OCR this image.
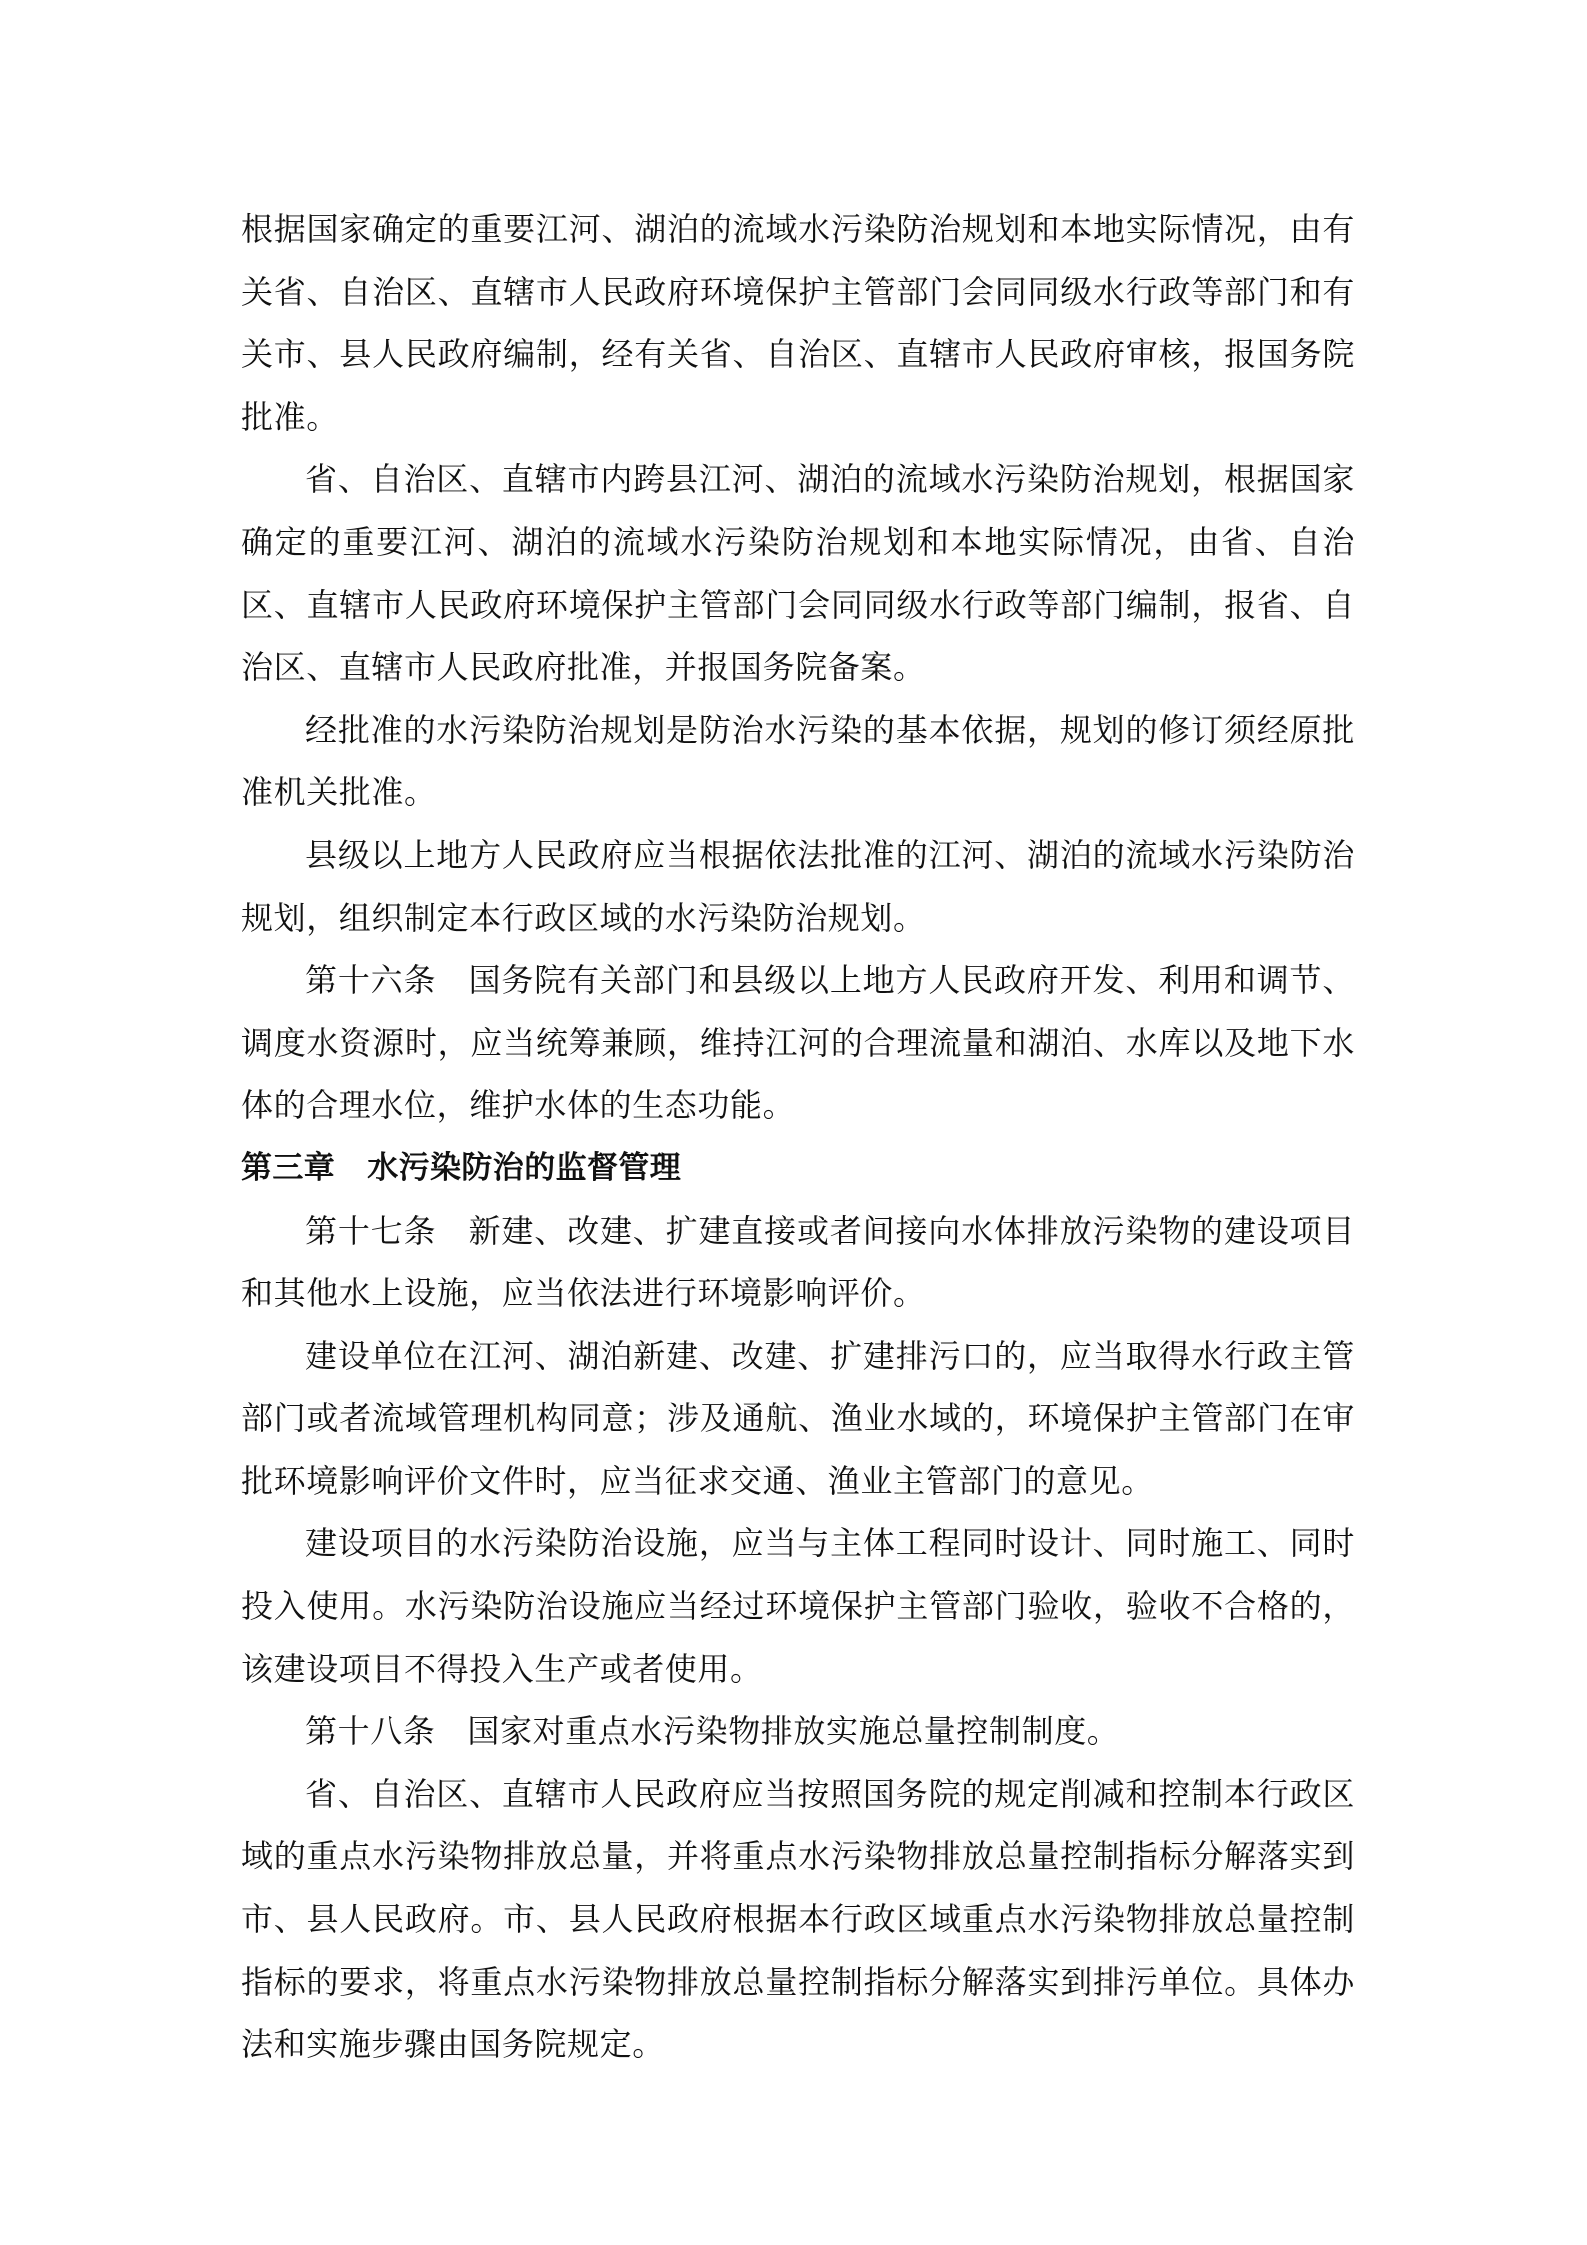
根据国家确定的重要江河、湖泊的流域水污染防治规划和本地实际情况，由有关省、自治区、直辖市人民政府环境保护主管部门会同同级水行政等部门和有关市、县人民政府编制，经有关省、自治区、直辖市人民政府审核，报国务院批准。

省、自治区、直辖市内跨县江河、湖泊的流域水污染防治规划，根据国家确定的重要江河、湖泊的流域水污染防治规划和本地实际情况，由省、自治区、直辖市人民政府环境保护主管部门会同同级水行政等部门编制，报省、自治区、直辖市人民政府批准，并报国务院备案。

经批准的水污染防治规划是防治水污染的基本依据，规划的修订须经原批准机关批准。

县级以上地方人民政府应当根据依法批准的江河、湖泊的流域水污染防治规划，组织制定本行政区域的水污染防治规划。

第十六条 国务院有关部门和县级以上地方人民政府开发、利用和调节、调度水资源时，应当统筹兼顾，维持江河的合理流量和湖泊、水库以及地下水体的合理水位，维护水体的生态功能。

第三章 水污染防治的监督管理

第十七条 新建、改建、扩建直接或者间接向水体排放污染物的建设项目和其他水上设施，应当依法进行环境影响评价。

建设单位在江河、湖泊新建、改建、扩建排污口的，应当取得水行政主管部门或者流域管理机构同意；涉及通航、渔业水域的，环境保护主管部门在审批环境影响评价文件时，应当征求交通、渔业主管部门的意见。

建设项目的水污染防治设施，应当与主体工程同时设计、同时施工、同时投入使用。水污染防治设施应当经过环境保护主管部门验收，验收不合格的，该建设项目不得投入生产或者使用。

第十八条 国家对重点水污染物排放实施总量控制制度。

省、自治区、直辖市人民政府应当按照国务院的规定削减和控制本行政区域的重点水污染物排放总量，并将重点水污染物排放总量控制指标分解落实到市、县人民政府。市、县人民政府根据本行政区域重点水污染物排放总量控制指标的要求，将重点水污染物排放总量控制指标分解落实到排污单位。具体办法和实施步骤由国务院规定。
